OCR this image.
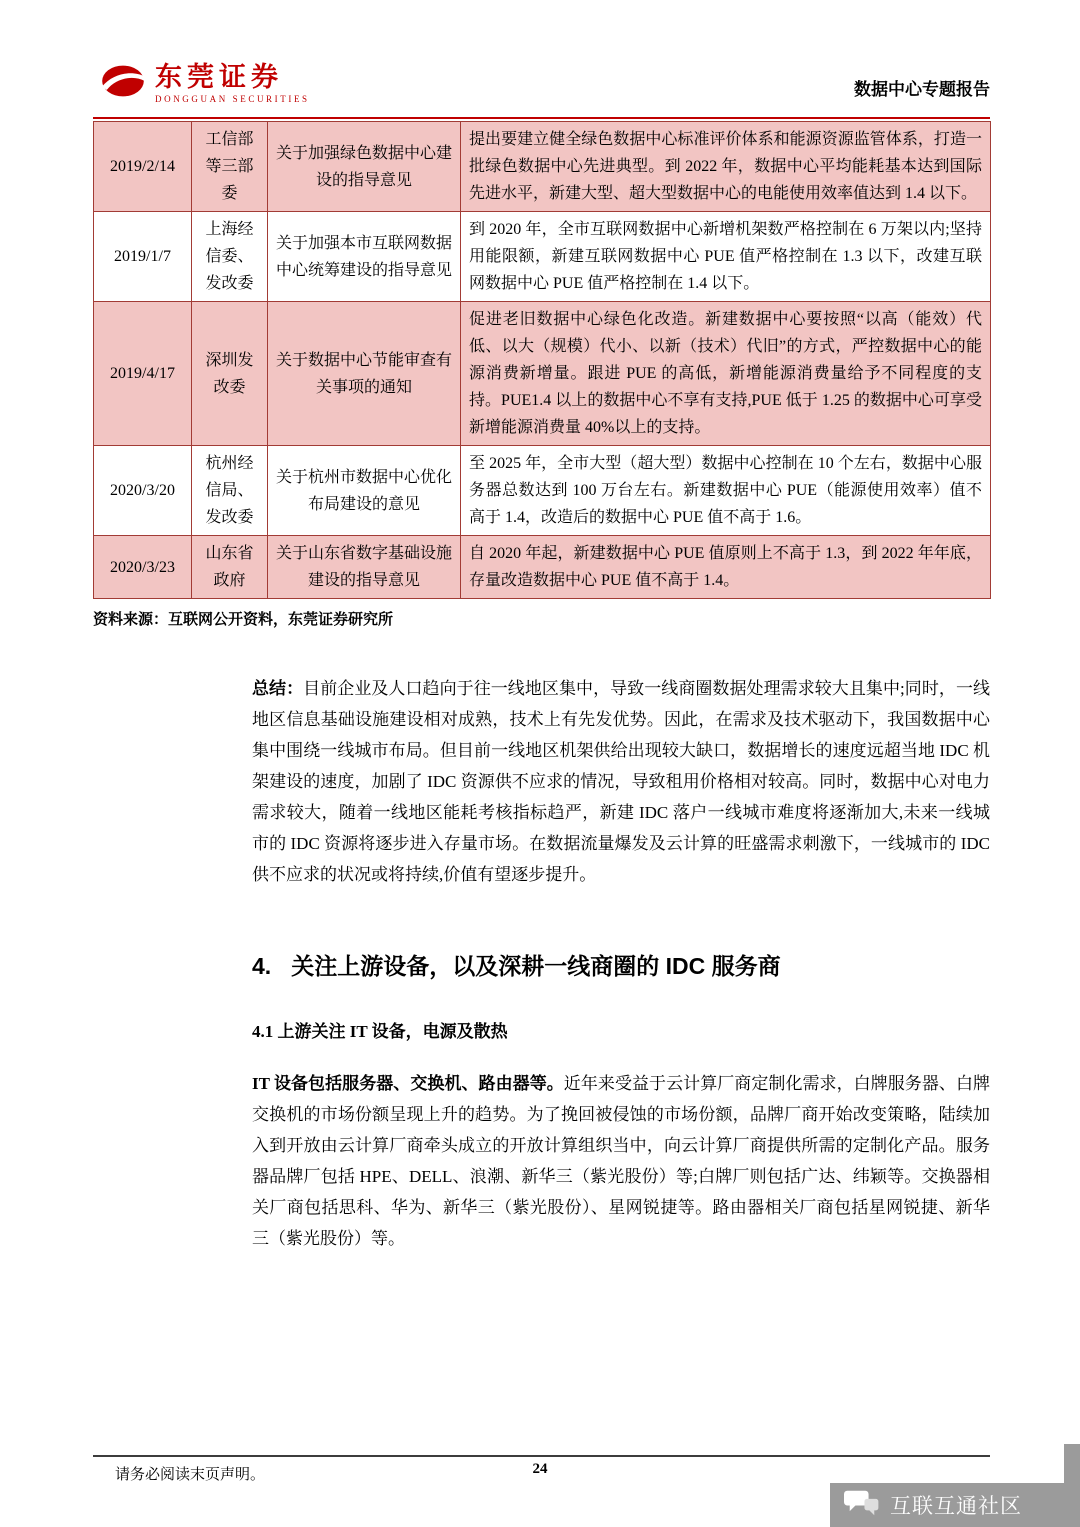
东莞证券
DONGGUAN SECURITIES
数据中心专题报告
2019/2/14	工信部等三部委	关于加强绿色数据中心建设的指导意见	提出要建立健全绿色数据中心标准评价体系和能源资源监管体系，打造一批绿色数据中心先进典型。到 2022 年，数据中心平均能耗基本达到国际先进水平，新建大型、超大型数据中心的电能使用效率值达到 1.4 以下。
2019/1/7	上海经信委、发改委	关于加强本市互联网数据中心统筹建设的指导意见	到 2020 年，全市互联网数据中心新增机架数严格控制在 6 万架以内;坚持用能限额，新建互联网数据中心 PUE 值严格控制在 1.3 以下，改建互联网数据中心 PUE 值严格控制在 1.4 以下。
2019/4/17	深圳发改委	关于数据中心节能审查有关事项的通知	促进老旧数据中心绿色化改造。新建数据中心要按照“以高（能效）代低、以大（规模）代小、以新（技术）代旧”的方式，严控数据中心的能源消费新增量。跟进 PUE 的高低，新增能源消费量给予不同程度的支持。PUE1.4 以上的数据中心不享有支持,PUE 低于 1.25 的数据中心可享受新增能源消费量 40%以上的支持。
2020/3/20	杭州经信局、发改委	关于杭州市数据中心优化布局建设的意见	至 2025 年，全市大型（超大型）数据中心控制在 10 个左右，数据中心服务器总数达到 100 万台左右。新建数据中心 PUE（能源使用效率）值不高于 1.4，改造后的数据中心 PUE 值不高于 1.6。
2020/3/23	山东省政府	关于山东省数字基础设施建设的指导意见	自 2020 年起，新建数据中心 PUE 值原则上不高于 1.3，到 2022 年年底，存量改造数据中心 PUE 值不高于 1.4。
资料来源：互联网公开资料，东莞证券研究所

总结：目前企业及人口趋向于往一线地区集中，导致一线商圈数据处理需求较大且集中;同时，一线地区信息基础设施建设相对成熟，技术上有先发优势。因此，在需求及技术驱动下，我国数据中心集中围绕一线城市布局。但目前一线地区机架供给出现较大缺口，数据增长的速度远超当地 IDC 机架建设的速度，加剧了 IDC 资源供不应求的情况，导致租用价格相对较高。同时，数据中心对电力需求较大，随着一线地区能耗考核指标趋严，新建 IDC 落户一线城市难度将逐渐加大,未来一线城市的 IDC 资源将逐步进入存量市场。在数据流量爆发及云计算的旺盛需求刺激下，一线城市的 IDC 供不应求的状况或将持续,价值有望逐步提升。

4. 关注上游设备，以及深耕一线商圈的 IDC 服务商
4.1 上游关注 IT 设备，电源及散热

IT 设备包括服务器、交换机、路由器等。近年来受益于云计算厂商定制化需求，白牌服务器、白牌交换机的市场份额呈现上升的趋势。为了挽回被侵蚀的市场份额，品牌厂商开始改变策略，陆续加入到开放由云计算厂商牵头成立的开放计算组织当中，向云计算厂商提供所需的定制化产品。服务器品牌厂包括 HPE、DELL、浪潮、新华三（紫光股份）等;白牌厂则包括广达、纬颖等。交换器相关厂商包括思科、华为、新华三（紫光股份）、星网锐捷等。路由器相关厂商包括星网锐捷、新华三（紫光股份）等。

请务必阅读末页声明。	24
互联互通社区
